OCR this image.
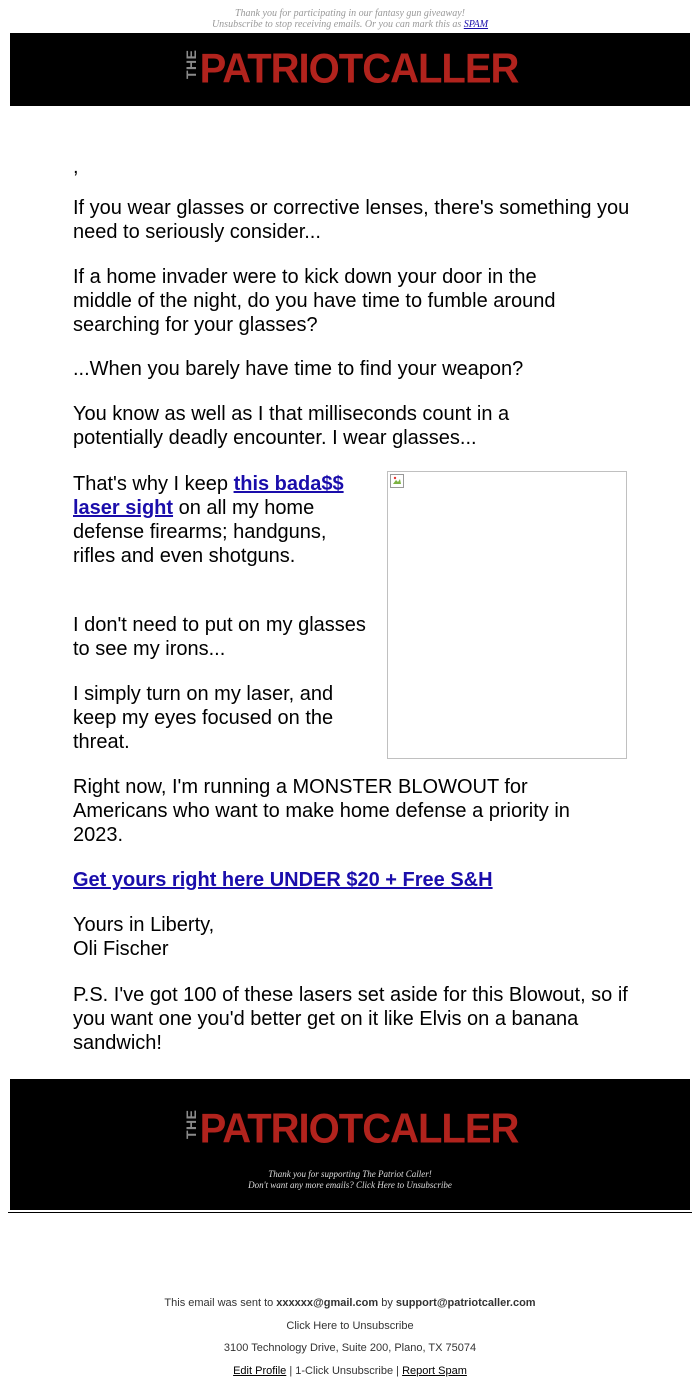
Thank you for participating in our fantasy gun giveaway!
Unsubscribe to stop receiving emails. Or you can mark this as SPAM
THEPATRIOTCALLER
,
If you wear glasses or corrective lenses, there's something you need to seriously consider...
If a home invader were to kick down your door in the middle of the night, do you have time to fumble around searching for your glasses?
...When you barely have time to find your weapon?
You know as well as I that milliseconds count in a potentially deadly encounter. I wear glasses...
That's why I keep this bada$$ laser sight on all my home defense firearms; handguns, rifles and even shotguns.
I don't need to put on my glasses to see my irons...
I simply turn on my laser, and keep my eyes focused on the threat.
Right now, I'm running a MONSTER BLOWOUT for Americans who want to make home defense a priority in 2023.
Get yours right here UNDER $20 + Free S&H
Yours in Liberty,
Oli Fischer
P.S. I've got 100 of these lasers set aside for this Blowout, so if you want one you'd better get on it like Elvis on a banana sandwich!
THEPATRIOTCALLER
Thank you for supporting The Patriot Caller!
Don't want any more emails? Click Here to Unsubscribe
This email was sent to xxxxxx@gmail.com by support@patriotcaller.com
Click Here to Unsubscribe
3100 Technology Drive, Suite 200, Plano, TX 75074
Edit Profile | 1-Click Unsubscribe | Report Spam
